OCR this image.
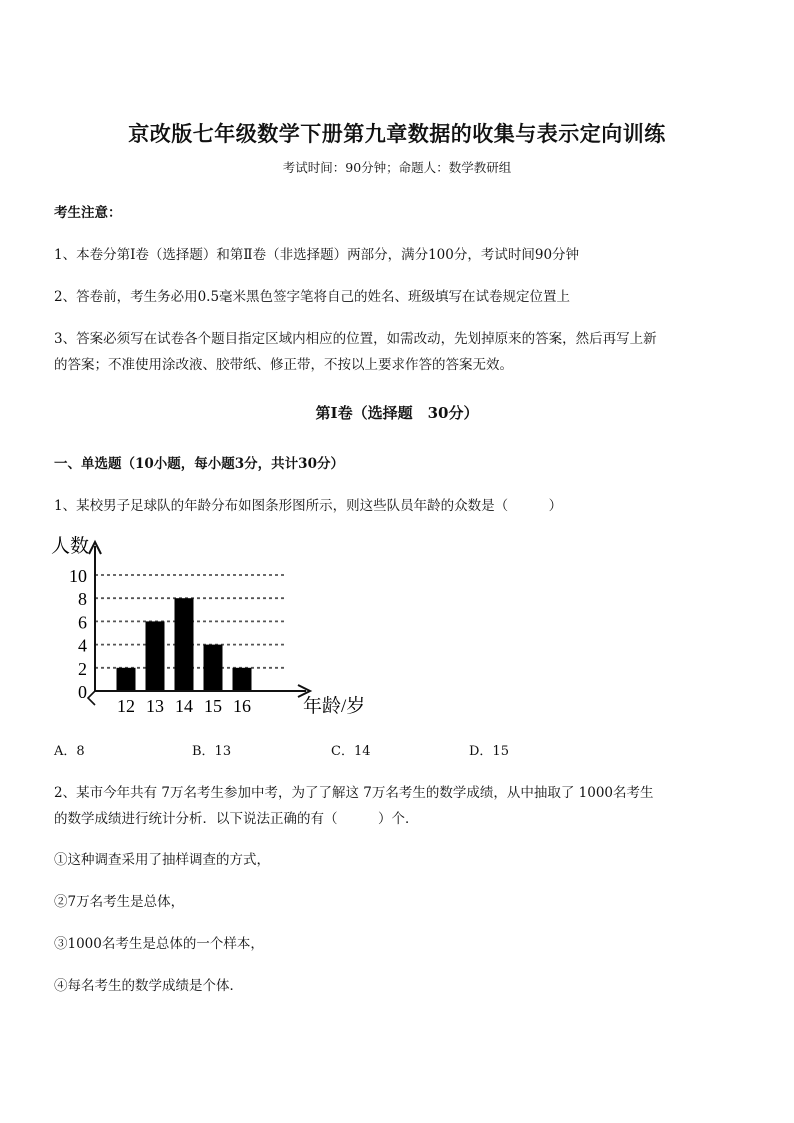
京改版七年级数学下册第九章数据的收集与表示定向训练
考试时间：90分钟；命题人：数学教研组
考生注意：
1、本卷分第Ⅰ卷（选择题）和第Ⅱ卷（非选择题）两部分，满分100分，考试时间90分钟
2、答卷前，考生务必用0.5毫米黑色签字笔将自己的姓名、班级填写在试卷规定位置上
3、答案必须写在试卷各个题目指定区域内相应的位置，如需改动，先划掉原来的答案，然后再写上新
的答案；不准使用涂改液、胶带纸、修正带，不按以上要求作答的答案无效。
第Ⅰ卷（选择题　30分）
一、单选题（10小题，每小题3分，共计30分）
1、某校男子足球队的年龄分布如图条形图所示，则这些队员年龄的众数是（　　　）
人数
年龄/岁
0
2
4
6
8
10
12 13 14 15 16
A．8	B．13	C．14	D．15
2、某市今年共有 7万名考生参加中考，为了了解这 7万名考生的数学成绩，从中抽取了 1000名考生
的数学成绩进行统计分析．以下说法正确的有（　　　）个．
①这种调查采用了抽样调查的方式，
②7万名考生是总体，
③1000名考生是总体的一个样本，
④每名考生的数学成绩是个体．
